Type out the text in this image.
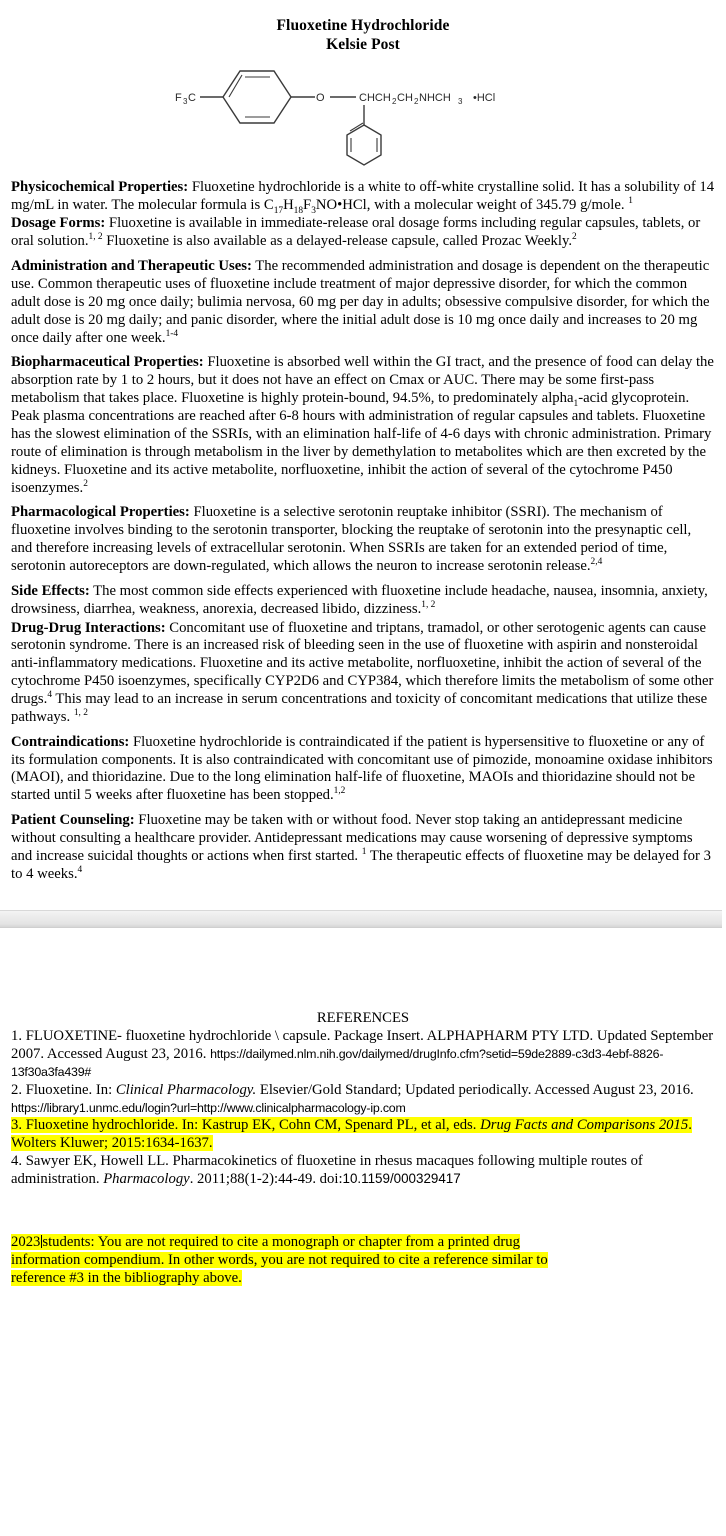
Fluoxetine Hydrochloride
Kelsie Post
F 3 C	O	CHCH 2 CH 2 NHCH 3 •HCl

Physicochemical Properties: Fluoxetine hydrochloride is a white to off-white crystalline solid. It has a solubility of 14 mg/mL in water. The molecular formula is $C_{17}H_{18}F_3NO•HCl$, with a molecular weight of 345.79 g/mole. $^1$

Dosage Forms: Fluoxetine is available in immediate-release oral dosage forms including regular capsules, tablets, or oral solution.$^{1, 2}$ Fluoxetine is also available as a delayed-release capsule, called Prozac Weekly.$^2$

Administration and Therapeutic Uses: The recommended administration and dosage is dependent on the therapeutic use. Common therapeutic uses of fluoxetine include treatment of major depressive disorder, for which the common adult dose is 20 mg once daily; bulimia nervosa, 60 mg per day in adults; obsessive compulsive disorder, for which the adult dose is 20 mg daily; and panic disorder, where the initial adult dose is 10 mg once daily and increases to 20 mg once daily after one week.$^{1-4}$

Biopharmaceutical Properties: Fluoxetine is absorbed well within the GI tract, and the presence of food can delay the absorption rate by 1 to 2 hours, but it does not have an effect on Cmax or AUC. There may be some first-pass metabolism that takes place. Fluoxetine is highly protein-bound, 94.5%, to predominately alpha$_1$-acid glycoprotein. Peak plasma concentrations are reached after 6-8 hours with administration of regular capsules and tablets. Fluoxetine has the slowest elimination of the SSRIs, with an elimination half-life of 4-6 days with chronic administration. Primary route of elimination is through metabolism in the liver by demethylation to metabolites which are then excreted by the kidneys. Fluoxetine and its active metabolite, norfluoxetine, inhibit the action of several of the cytochrome P450 isoenzymes.$^2$

Pharmacological Properties: Fluoxetine is a selective serotonin reuptake inhibitor (SSRI). The mechanism of fluoxetine involves binding to the serotonin transporter, blocking the reuptake of serotonin into the presynaptic cell, and therefore increasing levels of extracellular serotonin. When SSRIs are taken for an extended period of time, serotonin autoreceptors are down-regulated, which allows the neuron to increase serotonin release.$^{2,4}$

Side Effects: The most common side effects experienced with fluoxetine include headache, nausea, insomnia, anxiety, drowsiness, diarrhea, weakness, anorexia, decreased libido, dizziness.$^{1, 2}$

Drug-Drug Interactions: Concomitant use of fluoxetine and triptans, tramadol, or other serotogenic agents can cause serotonin syndrome. There is an increased risk of bleeding seen in the use of fluoxetine with aspirin and nonsteroidal anti-inflammatory medications. Fluoxetine and its active metabolite, norfluoxetine, inhibit the action of several of the cytochrome P450 isoenzymes, specifically CYP2D6 and CYP384, which therefore limits the metabolism of some other drugs.$^4$ This may lead to an increase in serum concentrations and toxicity of concomitant medications that utilize these pathways. $^{1, 2}$

Contraindications: Fluoxetine hydrochloride is contraindicated if the patient is hypersensitive to fluoxetine or any of its formulation components. It is also contraindicated with concomitant use of pimozide, monoamine oxidase inhibitors (MAOI), and thioridazine. Due to the long elimination half-life of fluoxetine, MAOIs and thioridazine should not be started until 5 weeks after fluoxetine has been stopped.$^{1,2}$

Patient Counseling: Fluoxetine may be taken with or without food. Never stop taking an antidepressant medicine without consulting a healthcare provider. Antidepressant medications may cause worsening of depressive symptoms and increase suicidal thoughts or actions when first started. $^1$ The therapeutic effects of fluoxetine may be delayed for 3 to 4 weeks.$^4$

REFERENCES

1. FLUOXETINE- fluoxetine hydrochloride \ capsule. Package Insert. ALPHAPHARM PTY LTD. Updated September 2007. Accessed August 23, 2016. https://dailymed.nlm.nih.gov/dailymed/drugInfo.cfm?setid=59de2889-c3d3-4ebf-8826-13f30a3fa439#

2. Fluoxetine. In: Clinical Pharmacology. Elsevier/Gold Standard; Updated periodically. Accessed August 23, 2016. https://library1.unmc.edu/login?url=http://www.clinicalpharmacology-ip.com

3. Fluoxetine hydrochloride. In: Kastrup EK, Cohn CM, Spenard PL, et al, eds. Drug Facts and Comparisons 2015. Wolters Kluwer; 2015:1634-1637.

4. Sawyer EK, Howell LL. Pharmacokinetics of fluoxetine in rhesus macaques following multiple routes of administration. Pharmacology. 2011;88(1-2):44-49. doi:10.1159/000329417

2023 students: You are not required to cite a monograph or chapter from a printed drug

information compendium. In other words, you are not required to cite a reference similar to

reference #3 in the bibliography above.
